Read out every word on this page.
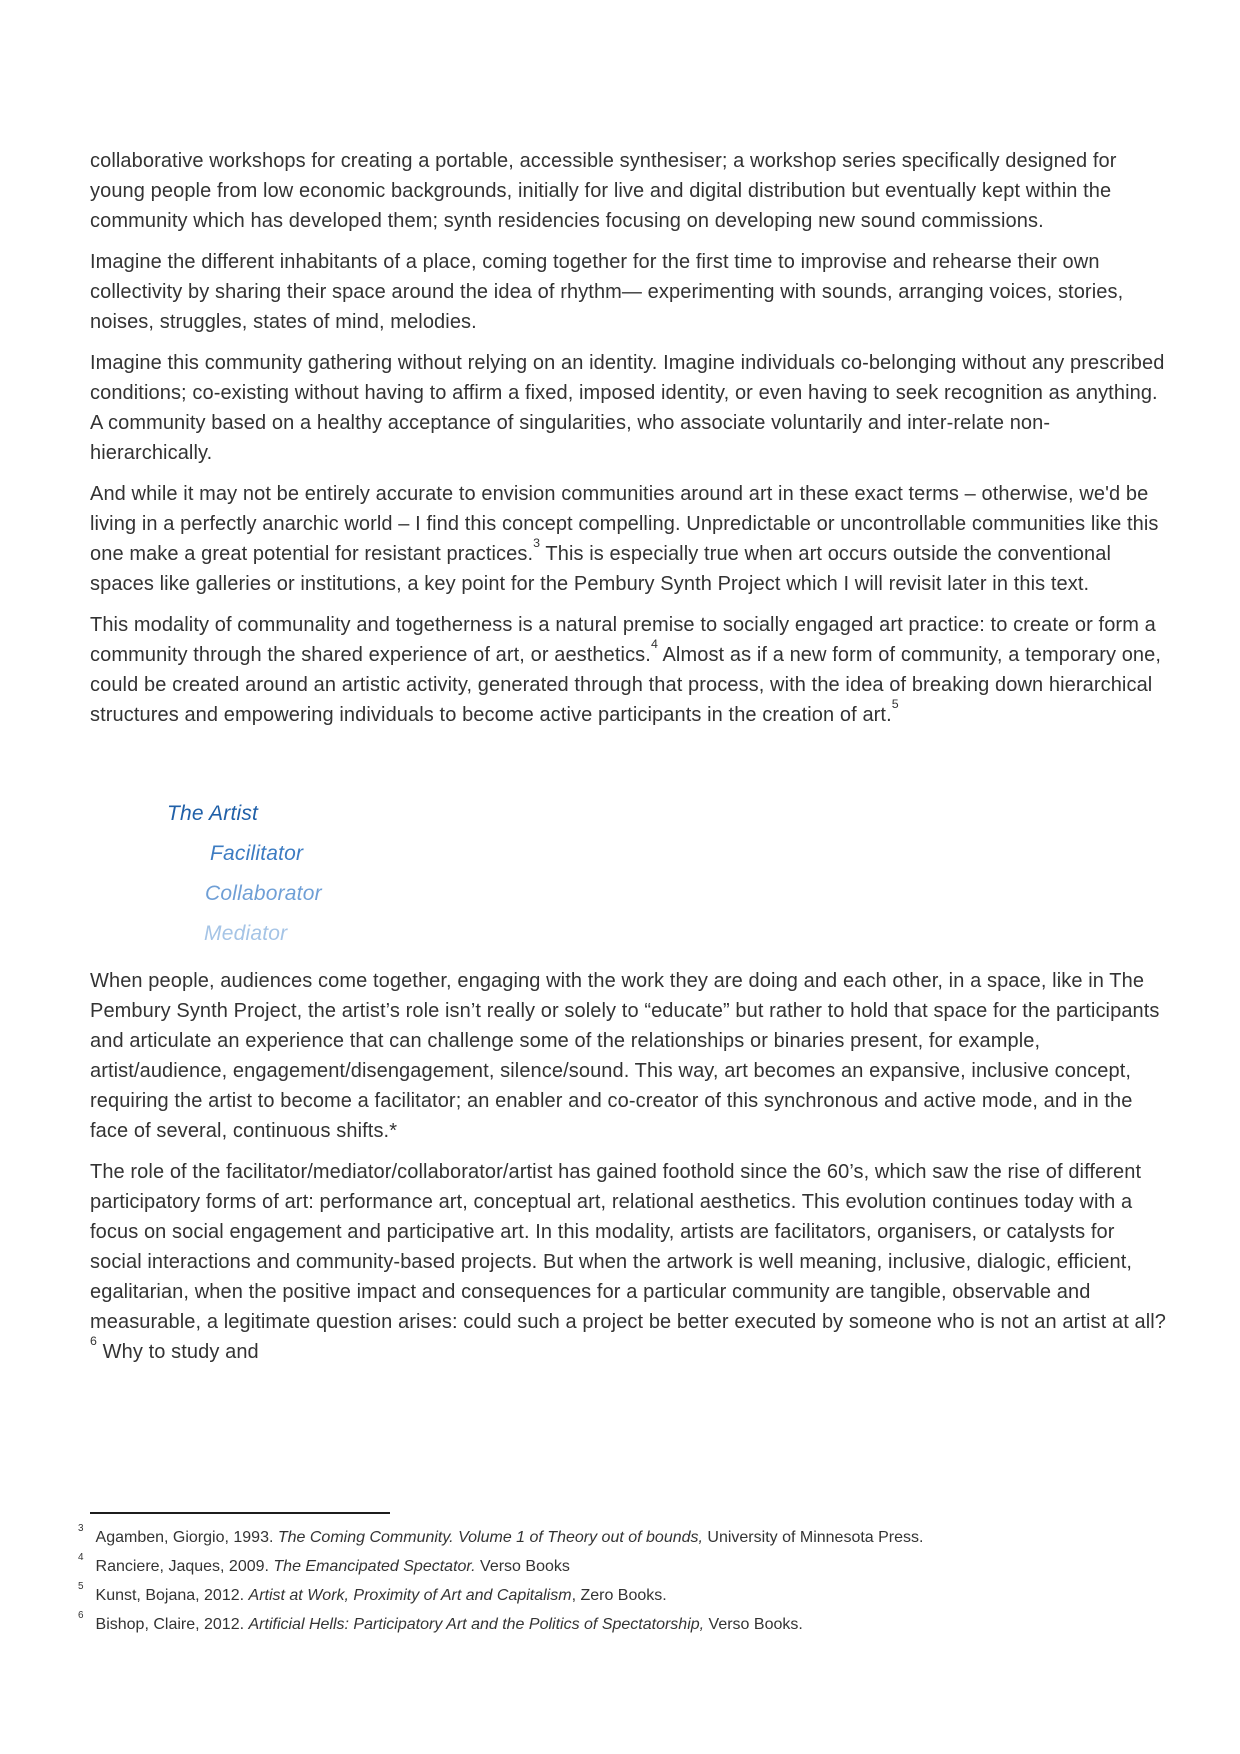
collaborative workshops for creating a portable, accessible synthesiser; a workshop series specifically designed for young people from low economic backgrounds, initially for live and digital distribution but eventually kept within the community which has developed them; synth residencies focusing on developing new sound commissions.

Imagine the different inhabitants of a place, coming together for the first time to improvise and rehearse their own collectivity by sharing their space around the idea of rhythm— experimenting with sounds, arranging voices, stories, noises, struggles, states of mind, melodies.

Imagine this community gathering without relying on an identity. Imagine individuals co-belonging without any prescribed conditions; co-existing without having to affirm a fixed, imposed identity, or even having to seek recognition as anything. A community based on a healthy acceptance of singularities, who associate voluntarily and inter-relate non-hierarchically.

And while it may not be entirely accurate to envision communities around art in these exact terms – otherwise, we'd be living in a perfectly anarchic world – I find this concept compelling. Unpredictable or uncontrollable communities like this one make a great potential for resistant practices.$^3$ This is especially true when art occurs outside the conventional spaces like galleries or institutions, a key point for the Pembury Synth Project which I will revisit later in this text.

This modality of communality and togetherness is a natural premise to socially engaged art practice: to create or form a community through the shared experience of art, or aesthetics.$^4$ Almost as if a new form of community, a temporary one, could be created around an artistic activity, generated through that process, with the idea of breaking down hierarchical structures and empowering individuals to become active participants in the creation of art.$^5$

The Artist
Facilitator
Collaborator
Mediator

When people, audiences come together, engaging with the work they are doing and each other, in a space, like in The Pembury Synth Project, the artist’s role isn’t really or solely to “educate” but rather to hold that space for the participants and articulate an experience that can challenge some of the relationships or binaries present, for example, artist/audience, engagement/disengagement, silence/sound. This way, art becomes an expansive, inclusive concept, requiring the artist to become a facilitator; an enabler and co-creator of this synchronous and active mode, and in the face of several, continuous shifts.*

The role of the facilitator/mediator/collaborator/artist has gained foothold since the 60’s, which saw the rise of different participatory forms of art: performance art, conceptual art, relational aesthetics. This evolution continues today with a focus on social engagement and participative art. In this modality, artists are facilitators, organisers, or catalysts for social interactions and community-based projects. But when the artwork is well meaning, inclusive, dialogic, efficient, egalitarian, when the positive impact and consequences for a particular community are tangible, observable and measurable, a legitimate question arises: could such a project be better executed by someone who is not an artist at all?$^6$ Why to study and

$^3$Agamben, Giorgio, 1993. The Coming Community. Volume 1 of Theory out of bounds, University of Minnesota Press.
$^4$Ranciere, Jaques, 2009. The Emancipated Spectator. Verso Books
$^5$Kunst, Bojana, 2012. Artist at Work, Proximity of Art and Capitalism, Zero Books.
$^6$Bishop, Claire, 2012. Artificial Hells: Participatory Art and the Politics of Spectatorship, Verso Books.
